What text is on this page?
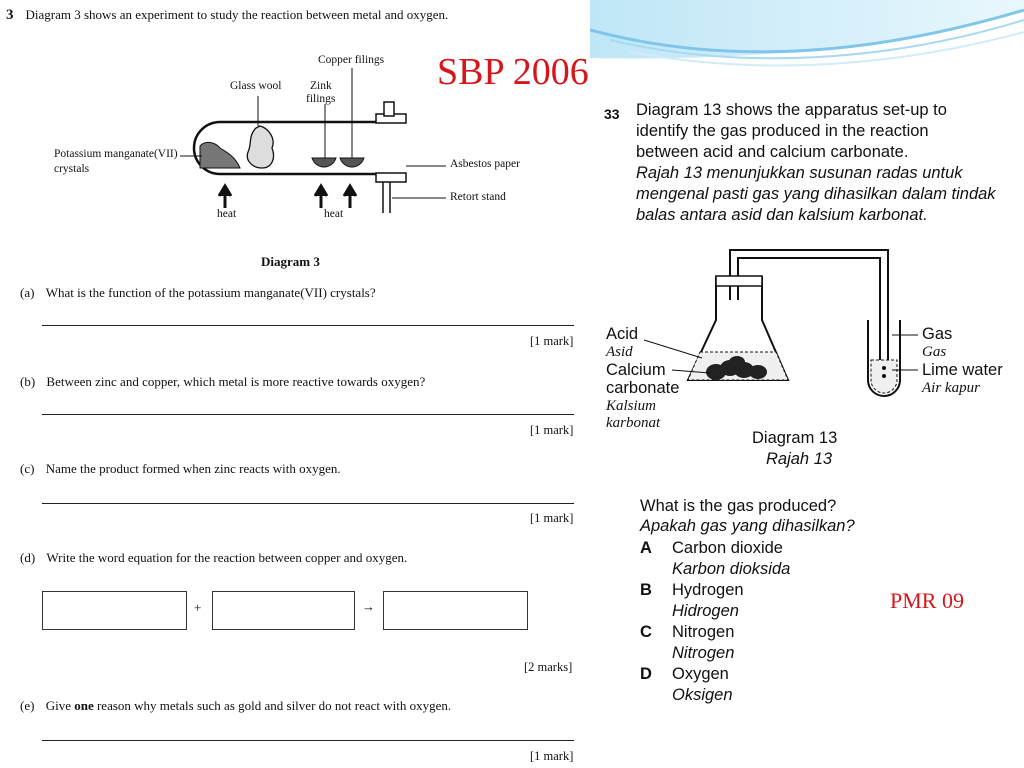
3 Diagram 3 shows an experiment to study the reaction between metal and oxygen.
Copper filings
Glass wool Zink
filings
Potassium manganate(VII)
crystals	Asbestos paper
Retort stand
heat	heat
Diagram 3
(a) What is the function of the potassium manganate(VII) crystals?
[1 mark]
(b) Between zinc and copper, which metal is more reactive towards oxygen?
[1 mark]
(c) Name the product formed when zinc reacts with oxygen.
[1 mark]
(d) Write the word equation for the reaction between copper and oxygen.
+	→
[2 marks]
(e) Give one reason why metals such as gold and silver do not react with oxygen.
[1 mark]
SBP 2006
33 Diagram 13 shows the apparatus set-up to
identify the gas produced in the reaction
between acid and calcium carbonate.
Rajah 13 menunjukkan susunan radas untuk
mengenal pasti gas yang dihasilkan dalam tindak
balas antara asid dan kalsium karbonat.
Acid
Asid
Calcium
carbonate
Kalsium
karbonat
Gas
Gas
Lime water
Air kapur
Diagram 13
Rajah 13
What is the gas produced?
Apakah gas yang dihasilkan?
A Carbon dioxide
Karbon dioksida
B Hydrogen
Hidrogen
C Nitrogen
Nitrogen
D Oxygen
Oksigen
PMR 09
